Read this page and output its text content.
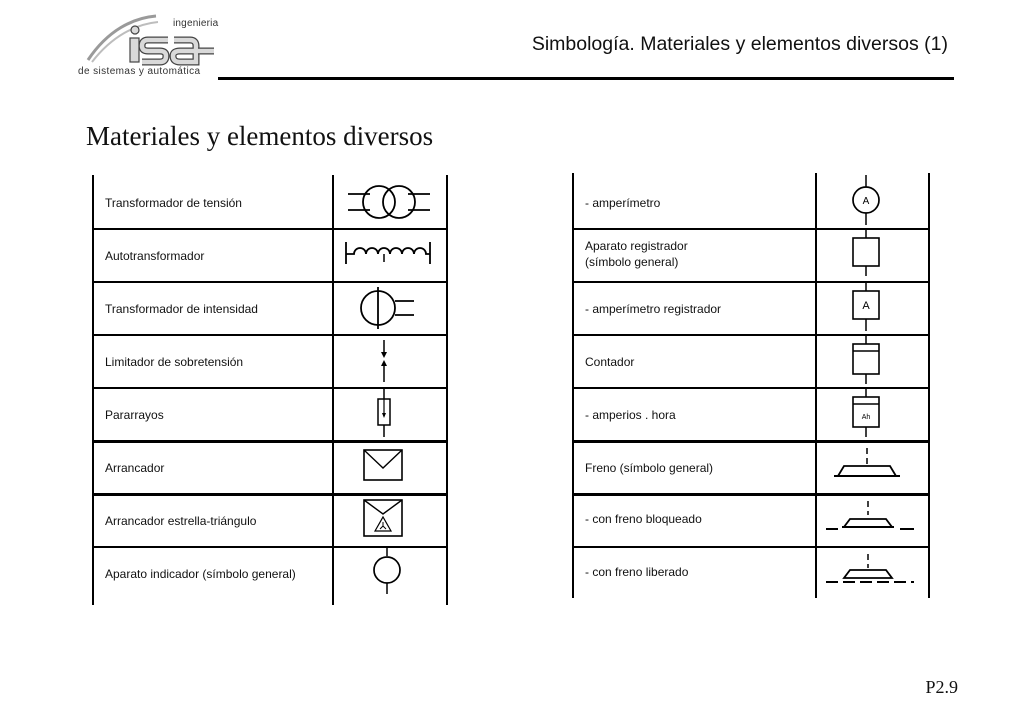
ingenieria
de sistemas y automática
Simbología. Materiales y elementos diversos (1)
Materiales y elementos diversos
Transformador de tensión
Autotransformador
Transformador de intensidad
Limitador de sobretensión
Pararrayos
Arrancador
Arrancador estrella-triángulo
Aparato indicador (símbolo general)
- amperímetro	A
Aparato registrador
(símbolo general)
- amperímetro registrador	A
Contador
- amperios . hora	Ah
Freno (símbolo general)
- con freno bloqueado
- con freno liberado
P2.9
